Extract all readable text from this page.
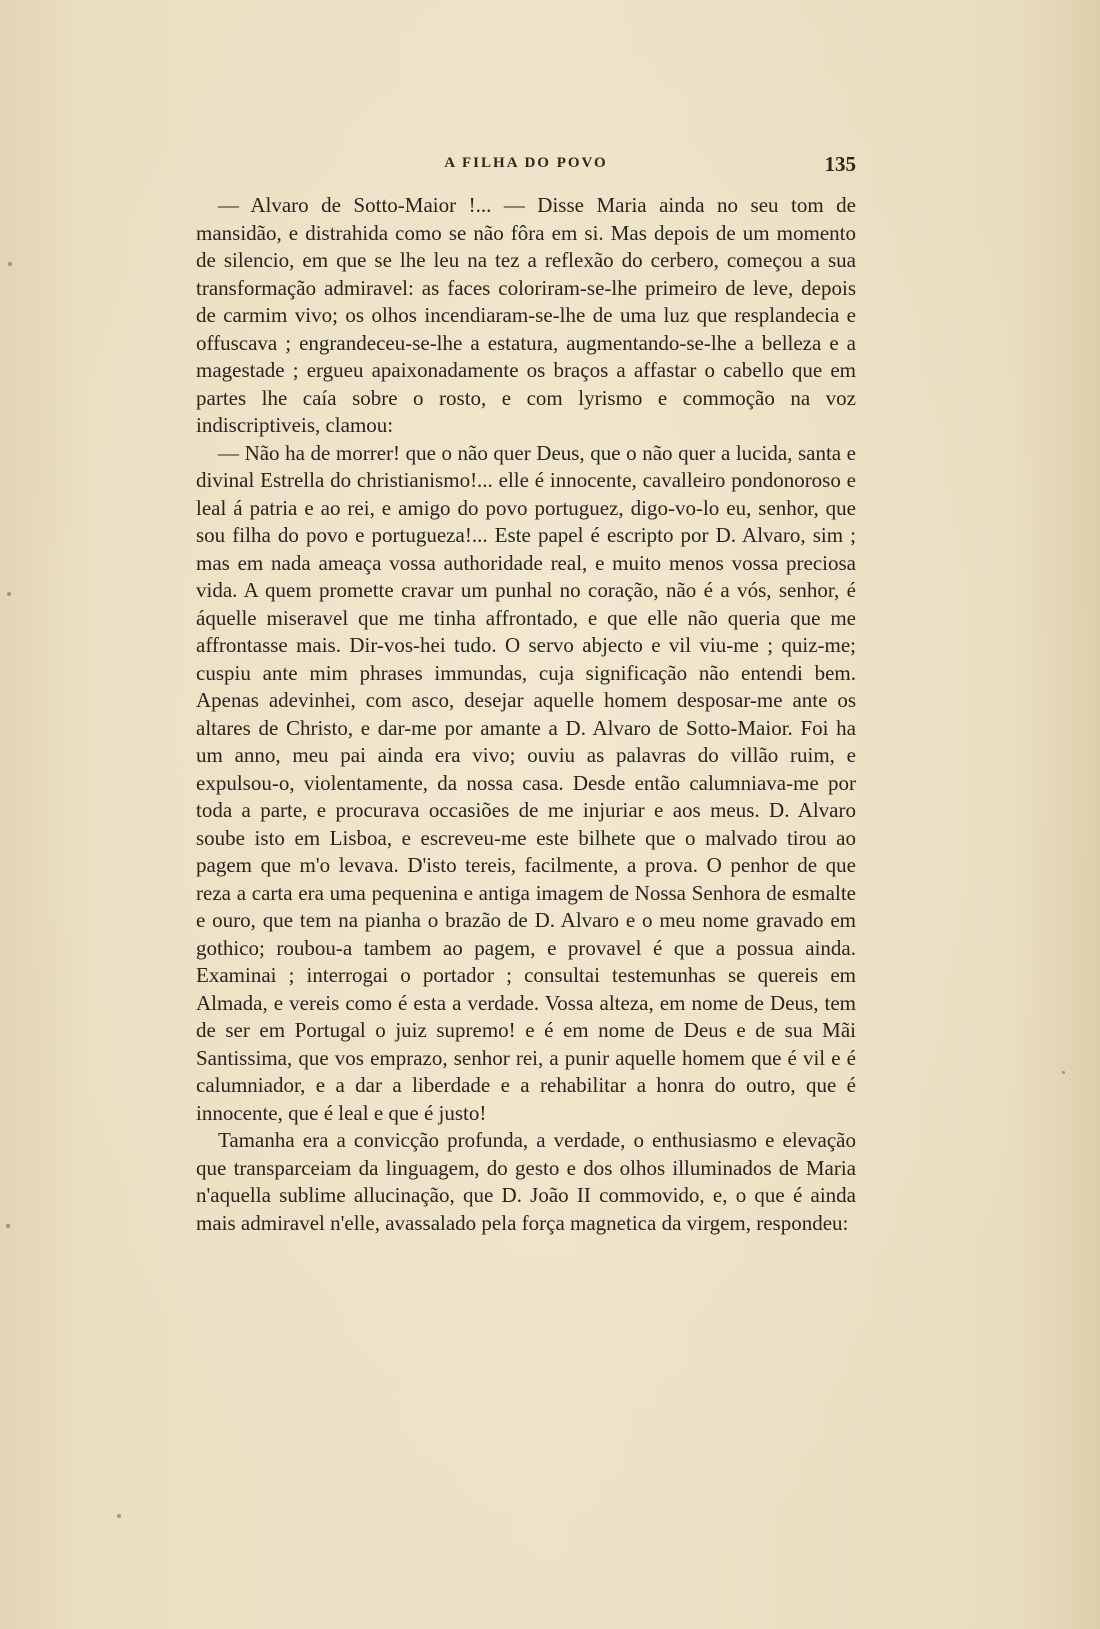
A FILHA DO POVO	135

— Alvaro de Sotto-Maior !... — Disse Maria ainda no seu tom de mansidão, e distrahida como se não fôra em si. Mas depois de um momento de silencio, em que se lhe leu na tez a reflexão do cerbero, começou a sua transformação admiravel: as faces coloriram-se-lhe primeiro de leve, depois de carmim vivo; os olhos incendiaram-se-lhe de uma luz que resplandecia e offuscava ; engrandeceu-se-lhe a estatura, augmentando-se-lhe a belleza e a magestade ; ergueu apaixonadamente os braços a affastar o cabello que em partes lhe caía sobre o rosto, e com lyrismo e commoção na voz indiscriptiveis, clamou:

— Não ha de morrer! que o não quer Deus, que o não quer a lucida, santa e divinal Estrella do christianismo!... elle é innocente, cavalleiro pondonoroso e leal á patria e ao rei, e amigo do povo portuguez, digo-vo-lo eu, senhor, que sou filha do povo e portugueza!... Este papel é escripto por D. Alvaro, sim ; mas em nada ameaça vossa authoridade real, e muito menos vossa preciosa vida. A quem promette cravar um punhal no coração, não é a vós, senhor, é áquelle miseravel que me tinha affrontado, e que elle não queria que me affrontasse mais. Dir-vos-hei tudo. O servo abjecto e vil viu-me ; quiz-me; cuspiu ante mim phrases immundas, cuja significação não entendi bem. Apenas adevinhei, com asco, desejar aquelle homem desposar-me ante os altares de Christo, e dar-me por amante a D. Alvaro de Sotto-Maior. Foi ha um anno, meu pai ainda era vivo; ouviu as palavras do villão ruim, e expulsou-o, violentamente, da nossa casa. Desde então calumniava-me por toda a parte, e procurava occasiões de me injuriar e aos meus. D. Alvaro soube isto em Lisboa, e escreveu-me este bilhete que o malvado tirou ao pagem que m'o levava. D'isto tereis, facilmente, a prova. O penhor de que reza a carta era uma pequenina e antiga imagem de Nossa Senhora de esmalte e ouro, que tem na pianha o brazão de D. Alvaro e o meu nome gravado em gothico; roubou-a tambem ao pagem, e provavel é que a possua ainda. Examinai ; interrogai o portador ; consultai testemunhas se quereis em Almada, e vereis como é esta a verdade. Vossa alteza, em nome de Deus, tem de ser em Portugal o juiz supremo! e é em nome de Deus e de sua Mãi Santissima, que vos emprazo, senhor rei, a punir aquelle homem que é vil e é calumniador, e a dar a liberdade e a rehabilitar a honra do outro, que é innocente, que é leal e que é justo!

Tamanha era a convicção profunda, a verdade, o enthusiasmo e elevação que transparceiam da linguagem, do gesto e dos olhos illuminados de Maria n'aquella sublime allucinação, que D. João II commovido, e, o que é ainda mais admiravel n'elle, avassalado pela força magnetica da virgem, respondeu:
